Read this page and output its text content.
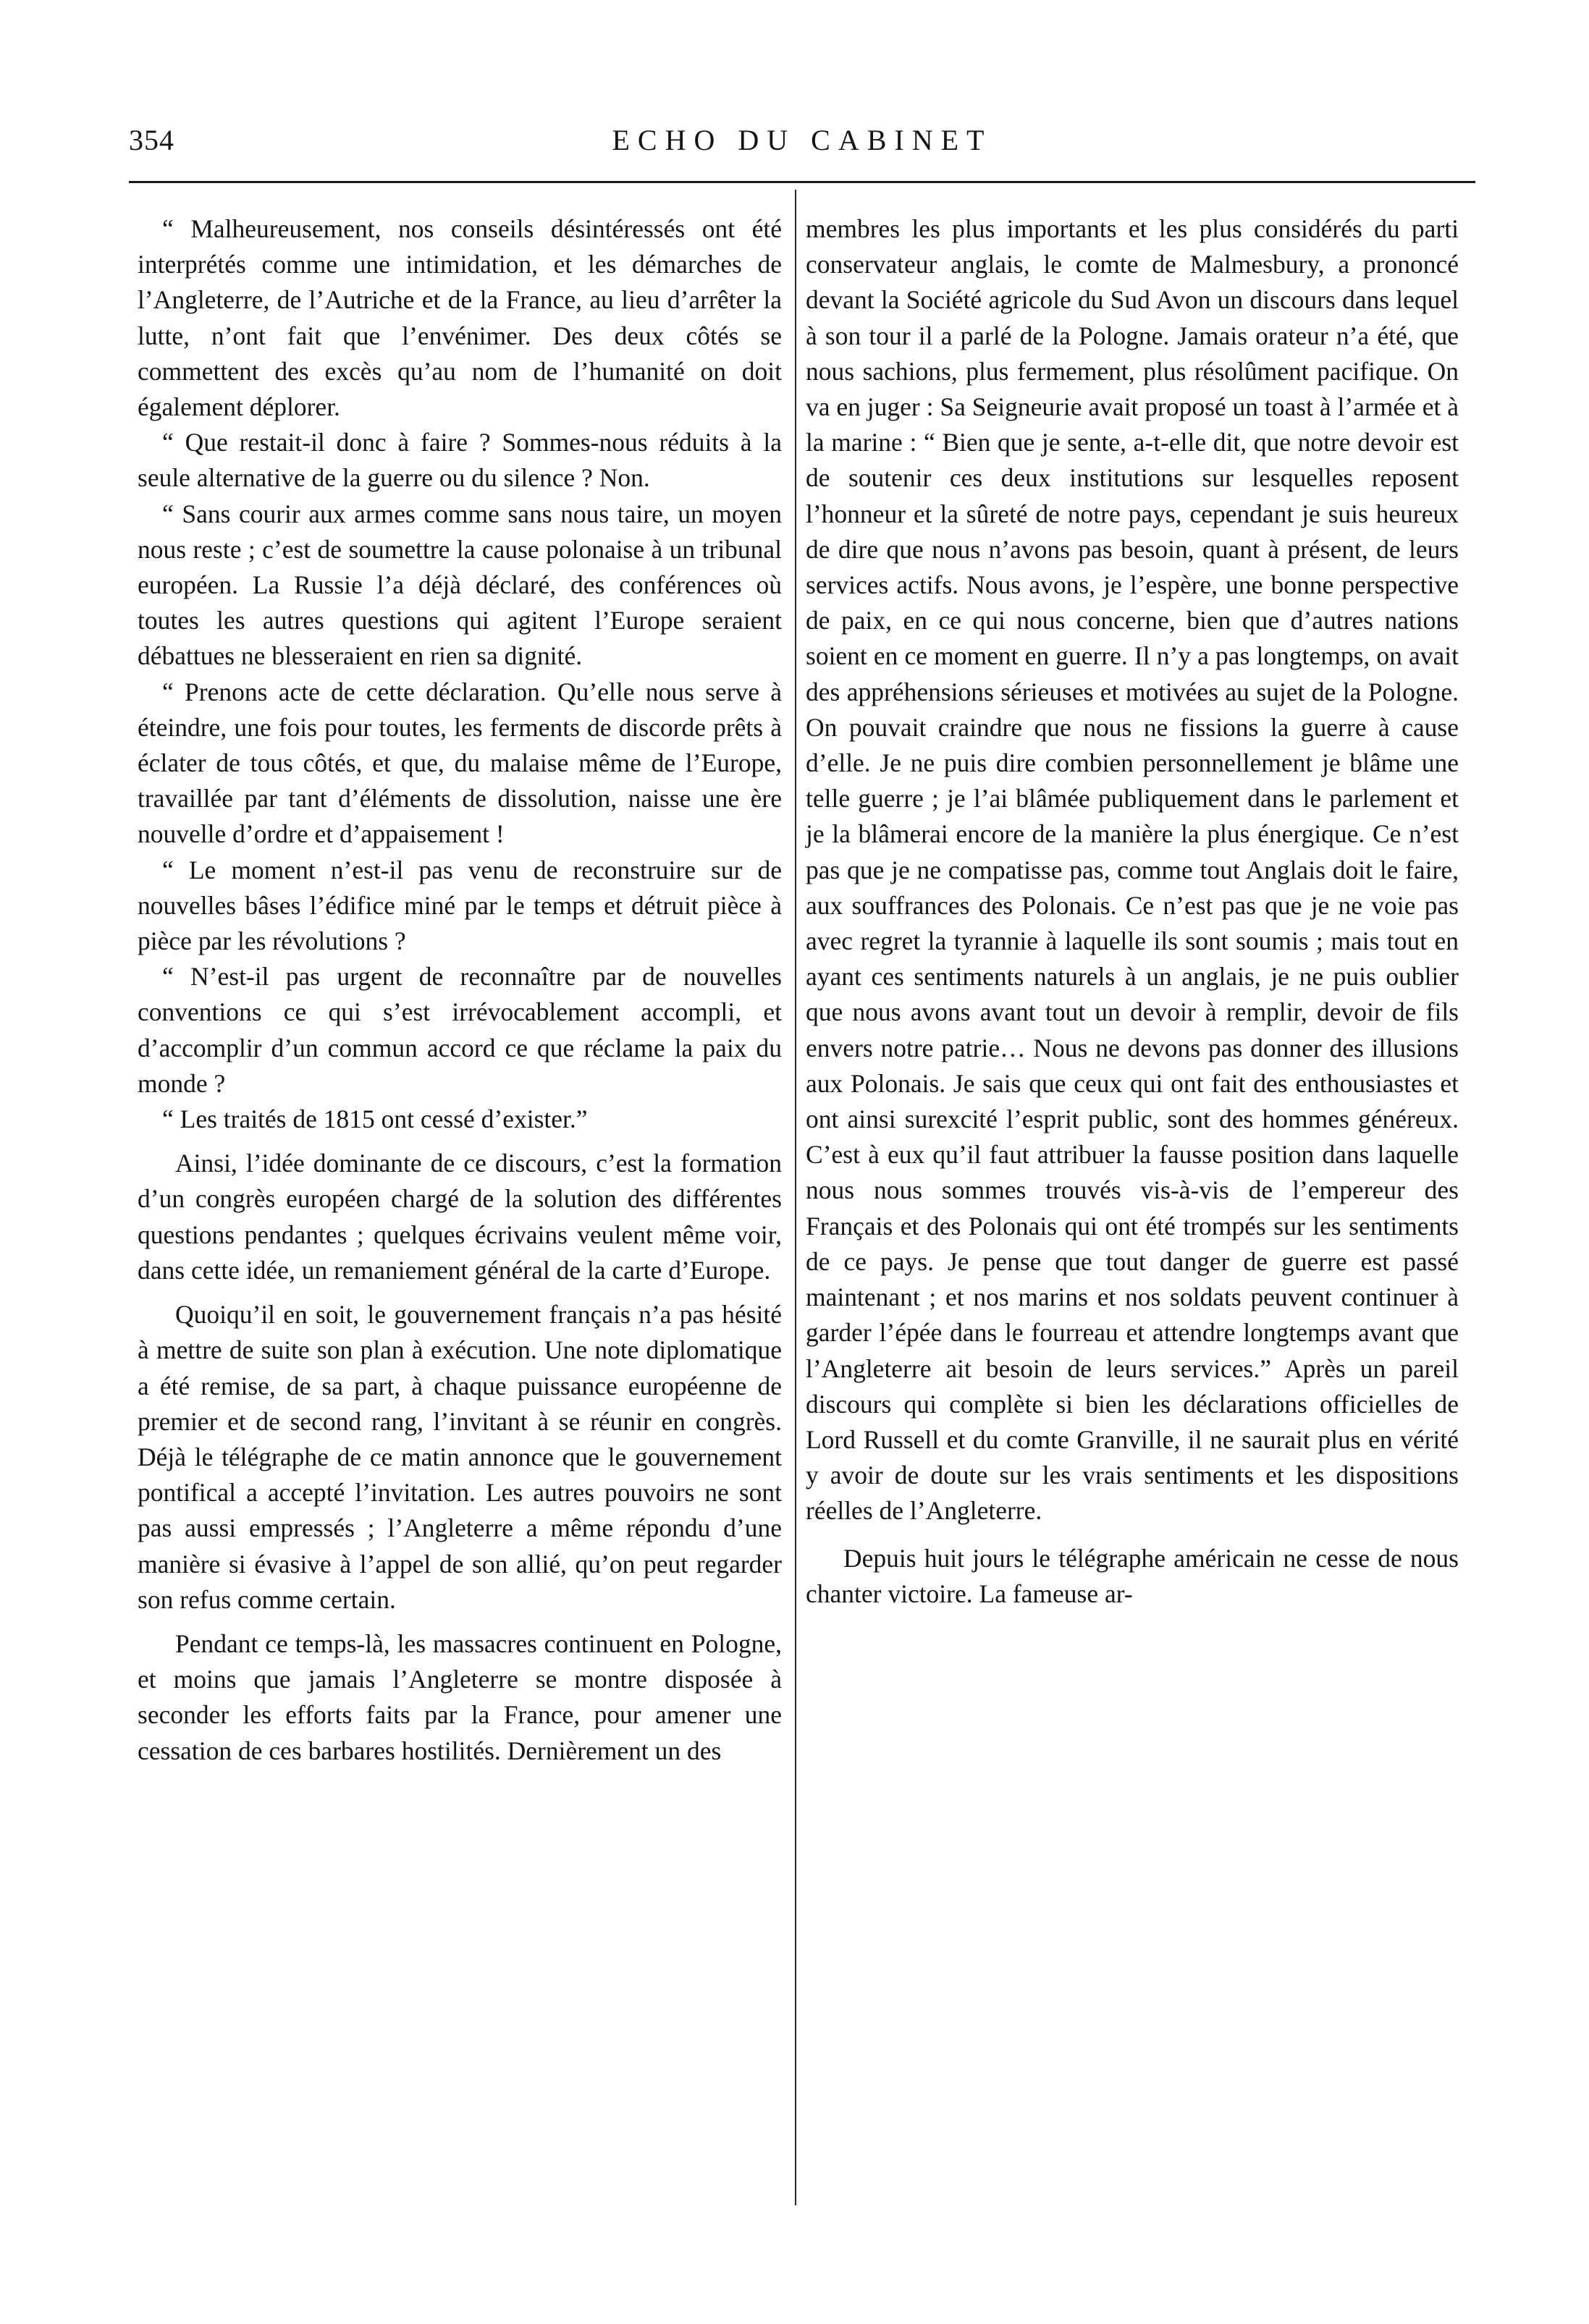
354	ECHO DU CABINET

“ Malheureusement, nos conseils désintéressés ont été interprétés comme une intimidation, et les démarches de l’Angleterre, de l’Autriche et de la France, au lieu d’arrêter la lutte, n’ont fait que l’envénimer. Des deux côtés se commettent des excès qu’au nom de l’humanité on doit également déplorer.

“ Que restait-il donc à faire ? Sommes-nous réduits à la seule alternative de la guerre ou du silence ? Non.

“ Sans courir aux armes comme sans nous taire, un moyen nous reste ; c’est de soumettre la cause polonaise à un tribunal européen. La Russie l’a déjà déclaré, des conférences où toutes les autres questions qui agitent l’Europe seraient débattues ne blesseraient en rien sa dignité.

“ Prenons acte de cette déclaration. Qu’elle nous serve à éteindre, une fois pour toutes, les ferments de discorde prêts à éclater de tous côtés, et que, du malaise même de l’Europe, travaillée par tant d’éléments de dissolution, naisse une ère nouvelle d’ordre et d’appaisement !

“ Le moment n’est-il pas venu de reconstruire sur de nouvelles bâses l’édifice miné par le temps et détruit pièce à pièce par les révolutions ?

“ N’est-il pas urgent de reconnaître par de nouvelles conventions ce qui s’est irrévocablement accompli, et d’accomplir d’un commun accord ce que réclame la paix du monde ?

“ Les traités de 1815 ont cessé d’exister.”

Ainsi, l’idée dominante de ce discours, c’est la formation d’un congrès européen chargé de la solution des différentes questions pendantes ; quelques écrivains veulent même voir, dans cette idée, un remaniement général de la carte d’Europe.

Quoiqu’il en soit, le gouvernement français n’a pas hésité à mettre de suite son plan à exécution. Une note diplomatique a été remise, de sa part, à chaque puissance européenne de premier et de second rang, l’invitant à se réunir en congrès. Déjà le télégraphe de ce matin annonce que le gouvernement pontifical a accepté l’invitation. Les autres pouvoirs ne sont pas aussi empressés ; l’Angleterre a même répondu d’une manière si évasive à l’appel de son allié, qu’on peut regarder son refus comme certain.

Pendant ce temps-là, les massacres continuent en Pologne, et moins que jamais l’Angleterre se montre disposée à seconder les efforts faits par la France, pour amener une cessation de ces barbares hostilités. Dernièrement un des

membres les plus importants et les plus considérés du parti conservateur anglais, le comte de Malmesbury, a prononcé devant la Société agricole du Sud Avon un discours dans lequel à son tour il a parlé de la Pologne. Jamais orateur n’a été, que nous sachions, plus fermement, plus résolûment pacifique. On va en juger : Sa Seigneurie avait proposé un toast à l’armée et à la marine : “ Bien que je sente, a-t-elle dit, que notre devoir est de soutenir ces deux institutions sur lesquelles reposent l’honneur et la sûreté de notre pays, cependant je suis heureux de dire que nous n’avons pas besoin, quant à présent, de leurs services actifs. Nous avons, je l’espère, une bonne perspective de paix, en ce qui nous concerne, bien que d’autres nations soient en ce moment en guerre. Il n’y a pas longtemps, on avait des appréhensions sérieuses et motivées au sujet de la Pologne. On pouvait craindre que nous ne fissions la guerre à cause d’elle. Je ne puis dire combien personnellement je blâme une telle guerre ; je l’ai blâmée publiquement dans le parlement et je la blâmerai encore de la manière la plus énergique. Ce n’est pas que je ne compatisse pas, comme tout Anglais doit le faire, aux souffrances des Polonais. Ce n’est pas que je ne voie pas avec regret la tyrannie à laquelle ils sont soumis ; mais tout en ayant ces sentiments naturels à un anglais, je ne puis oublier que nous avons avant tout un devoir à remplir, devoir de fils envers notre patrie… Nous ne devons pas donner des illusions aux Polonais. Je sais que ceux qui ont fait des enthousiastes et ont ainsi surexcité l’esprit public, sont des hommes généreux. C’est à eux qu’il faut attribuer la fausse position dans laquelle nous nous sommes trouvés vis-à-vis de l’empereur des Français et des Polonais qui ont été trompés sur les sentiments de ce pays. Je pense que tout danger de guerre est passé maintenant ; et nos marins et nos soldats peuvent continuer à garder l’épée dans le fourreau et attendre longtemps avant que l’Angleterre ait besoin de leurs services.” Après un pareil discours qui complète si bien les déclarations officielles de Lord Russell et du comte Granville, il ne saurait plus en vérité y avoir de doute sur les vrais sentiments et les dispositions réelles de l’Angleterre.

Depuis huit jours le télégraphe américain ne cesse de nous chanter victoire. La fameuse ar-
